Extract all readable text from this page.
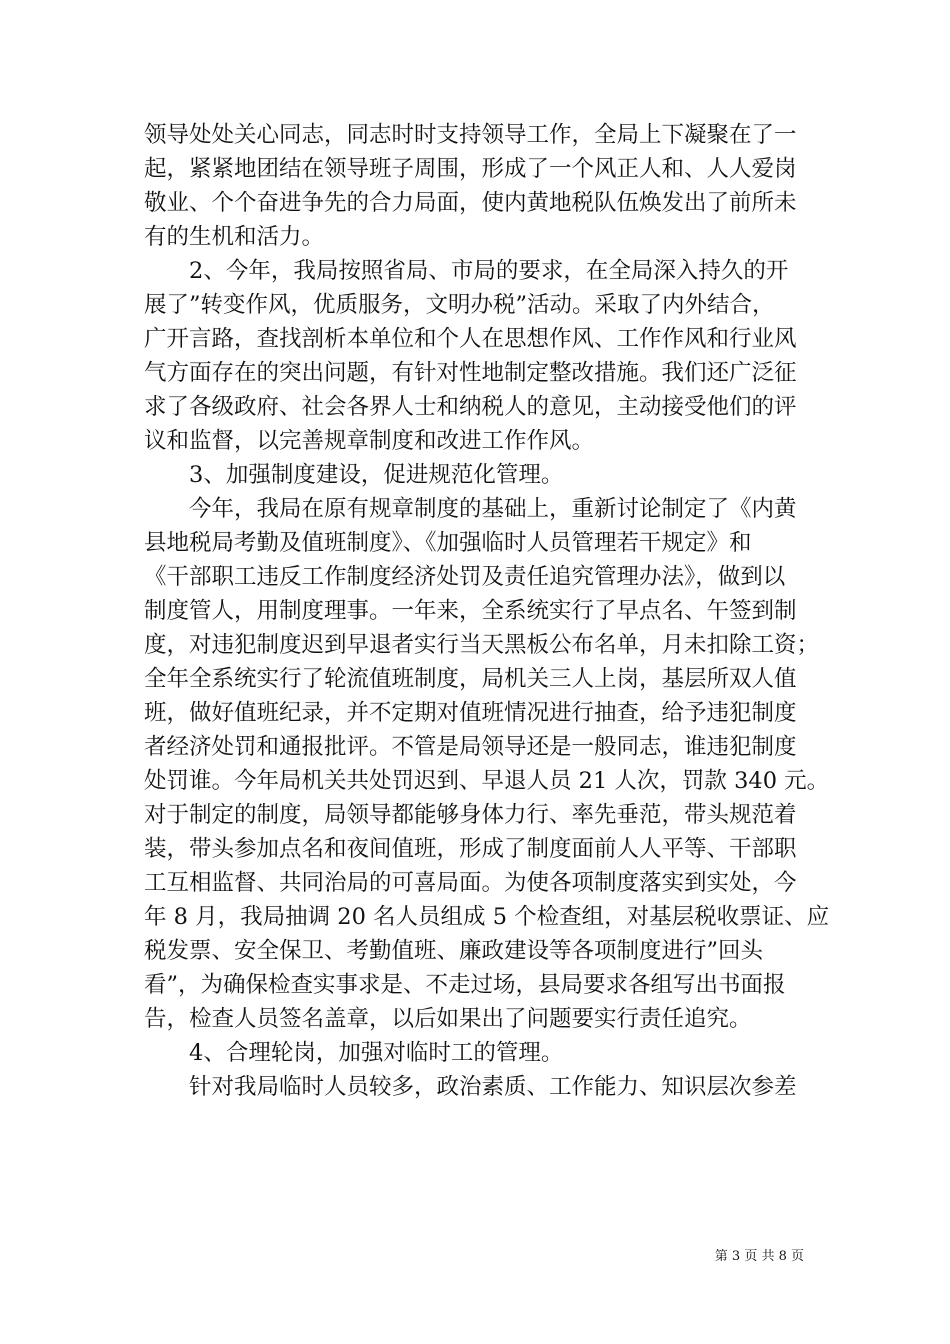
领导处处关心同志，同志时时支持领导工作，全局上下凝聚在了一
起，紧紧地团结在领导班子周围，形成了一个风正人和、人人爱岗
敬业、个个奋进争先的合力局面，使内黄地税队伍焕发出了前所未
有的生机和活力。
　　2、今年，我局按照省局、市局的要求，在全局深入持久的开
展了”转变作风，优质服务，文明办税”活动。采取了内外结合，
广开言路，查找剖析本单位和个人在思想作风、工作作风和行业风
气方面存在的突出问题，有针对性地制定整改措施。我们还广泛征
求了各级政府、社会各界人士和纳税人的意见，主动接受他们的评
议和监督，以完善规章制度和改进工作作风。
　　3、加强制度建设，促进规范化管理。
　　今年，我局在原有规章制度的基础上，重新讨论制定了《内黄
县地税局考勤及值班制度》、《加强临时人员管理若干规定》和
《干部职工违反工作制度经济处罚及责任追究管理办法》，做到以
制度管人，用制度理事。一年来，全系统实行了早点名、午签到制
度，对违犯制度迟到早退者实行当天黑板公布名单，月未扣除工资；
全年全系统实行了轮流值班制度，局机关三人上岗，基层所双人值
班，做好值班纪录，并不定期对值班情况进行抽查，给予违犯制度
者经济处罚和通报批评。不管是局领导还是一般同志，谁违犯制度
处罚谁。今年局机关共处罚迟到、早退人员 21 人次，罚款 340 元。
对于制定的制度，局领导都能够身体力行、率先垂范，带头规范着
装，带头参加点名和夜间值班，形成了制度面前人人平等、干部职
工互相监督、共同治局的可喜局面。为使各项制度落实到实处，今
年 8 月，我局抽调 20 名人员组成 5 个检查组，对基层税收票证、应
税发票、安全保卫、考勤值班、廉政建设等各项制度进行”回头
看”，为确保检查实事求是、不走过场，县局要求各组写出书面报
告，检查人员签名盖章，以后如果出了问题要实行责任追究。
　　4、合理轮岗，加强对临时工的管理。
　　针对我局临时人员较多，政治素质、工作能力、知识层次参差
第 3 页 共 8 页
